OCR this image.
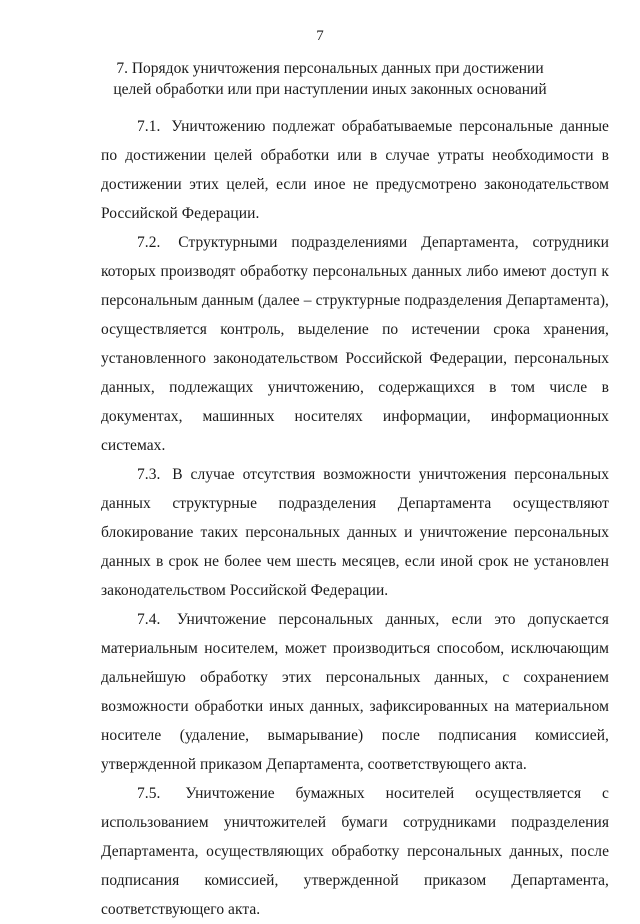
7
7. Порядок уничтожения персональных данных при достижении
целей обработки или при наступлении иных законных оснований

7.1. Уничтожению подлежат обрабатываемые персональные данные по достижении целей обработки или в случае утраты необходимости в достижении этих целей, если иное не предусмотрено законодательством Российской Федерации.

7.2. Структурными подразделениями Департамента, сотрудники которых производят обработку персональных данных либо имеют доступ к персональным данным (далее – структурные подразделения Департамента), осуществляется контроль, выделение по истечении срока хранения, установленного законодательством Российской Федерации, персональных данных, подлежащих уничтожению, содержащихся в том числе в документах, машинных носителях информации, информационных системах.

7.3. В случае отсутствия возможности уничтожения персональных данных структурные подразделения Департамента осуществляют блокирование таких персональных данных и уничтожение персональных данных в срок не более чем шесть месяцев, если иной срок не установлен законодательством Российской Федерации.

7.4. Уничтожение персональных данных, если это допускается материальным носителем, может производиться способом, исключающим дальнейшую обработку этих персональных данных, с сохранением возможности обработки иных данных, зафиксированных на материальном носителе (удаление, вымарывание) после подписания комиссией, утвержденной приказом Департамента, соответствующего акта.

7.5. Уничтожение бумажных носителей осуществляется с использованием уничтожителей бумаги сотрудниками подразделения Департамента, осуществляющих обработку персональных данных, после подписания комиссией, утвержденной приказом Департамента, соответствующего акта.
